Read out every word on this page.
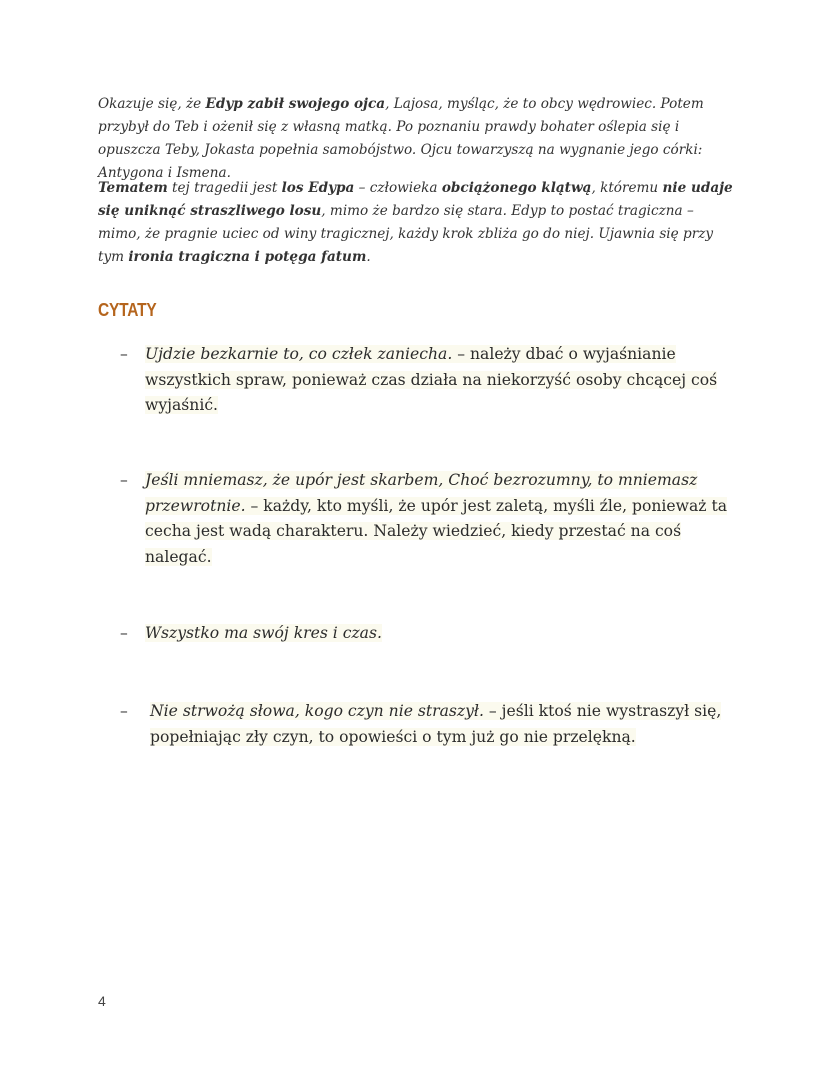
Okazuje się, że Edyp zabił swojego ojca, Lajosa, myśląc, że to obcy wędrowiec. Potem przybył do Teb i ożenił się z własną matką. Po poznaniu prawdy bohater oślepia się i opuszcza Teby, Jokasta popełnia samobójstwo. Ojcu towarzyszą na wygnanie jego córki: Antygona i Ismena.
Tematem tej tragedii jest los Edypa – człowieka obciążonego klątwą, któremu nie udaje się uniknąć straszliwego losu, mimo że bardzo się stara. Edyp to postać tragiczna – mimo, że pragnie uciec od winy tragicznej, każdy krok zbliża go do niej. Ujawnia się przy tym ironia tragiczna i potęga fatum.
CYTATY
–	Ujdzie bezkarnie to, co człek zaniecha. – należy dbać o wyjaśnianie wszystkich spraw, ponieważ czas działa na niekorzyść osoby chcącej coś wyjaśnić.
–	Jeśli mniemasz, że upór jest skarbem, Choć bezrozumny, to mniemasz przewrotnie. – każdy, kto myśli, że upór jest zaletą, myśli źle, ponieważ ta cecha jest wadą charakteru. Należy wiedzieć, kiedy przestać na coś nalegać.
–	Wszystko ma swój kres i czas.
–	Nie strwożą słowa, kogo czyn nie straszył. – jeśli ktoś nie wystraszył się, popełniając zły czyn, to opowieści o tym już go nie przelękną.
4
